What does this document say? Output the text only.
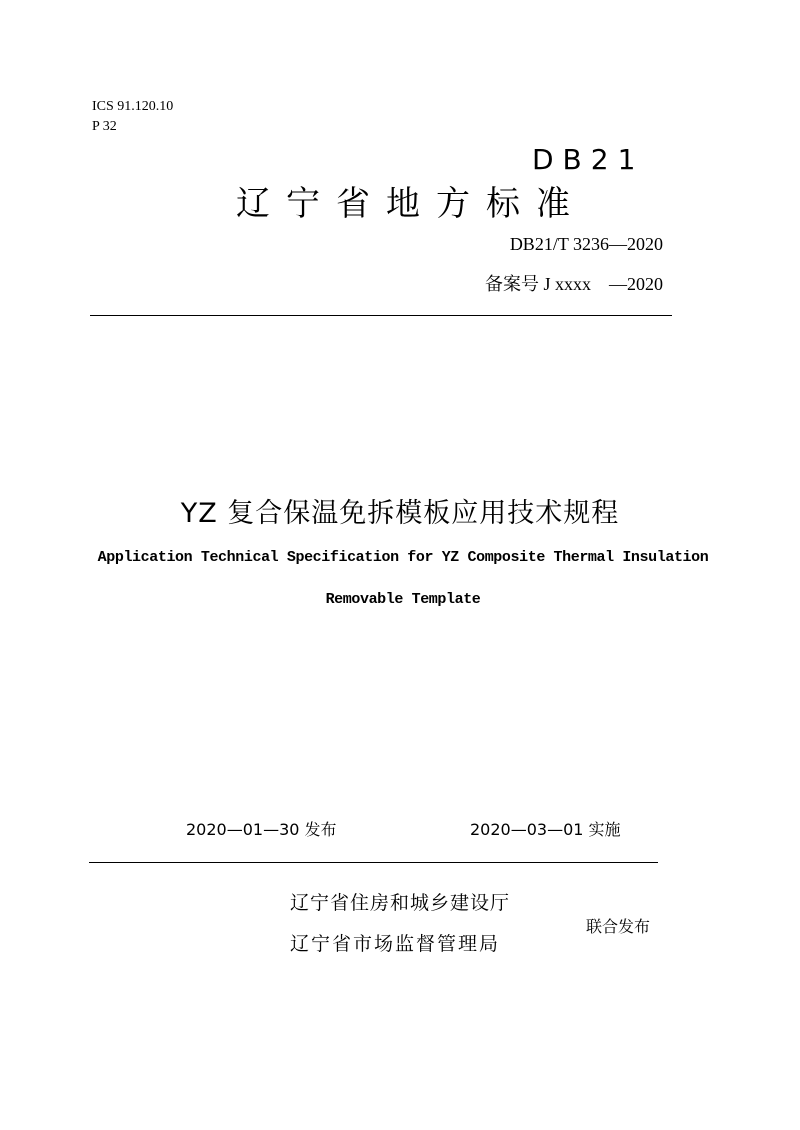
ICS 91.120.10
P 32
DB21
辽宁省地方标准
DB21/T 3236—2020
备案号 J xxxx　—2020
YZ 复合保温免拆模板应用技术规程
Application Technical Specification for YZ Composite Thermal Insulation
Removable Template
2020—01—30 发布	2020—03—01 实施
辽宁省住房和城乡建设厅
辽宁省市场监督管理局
联合发布
